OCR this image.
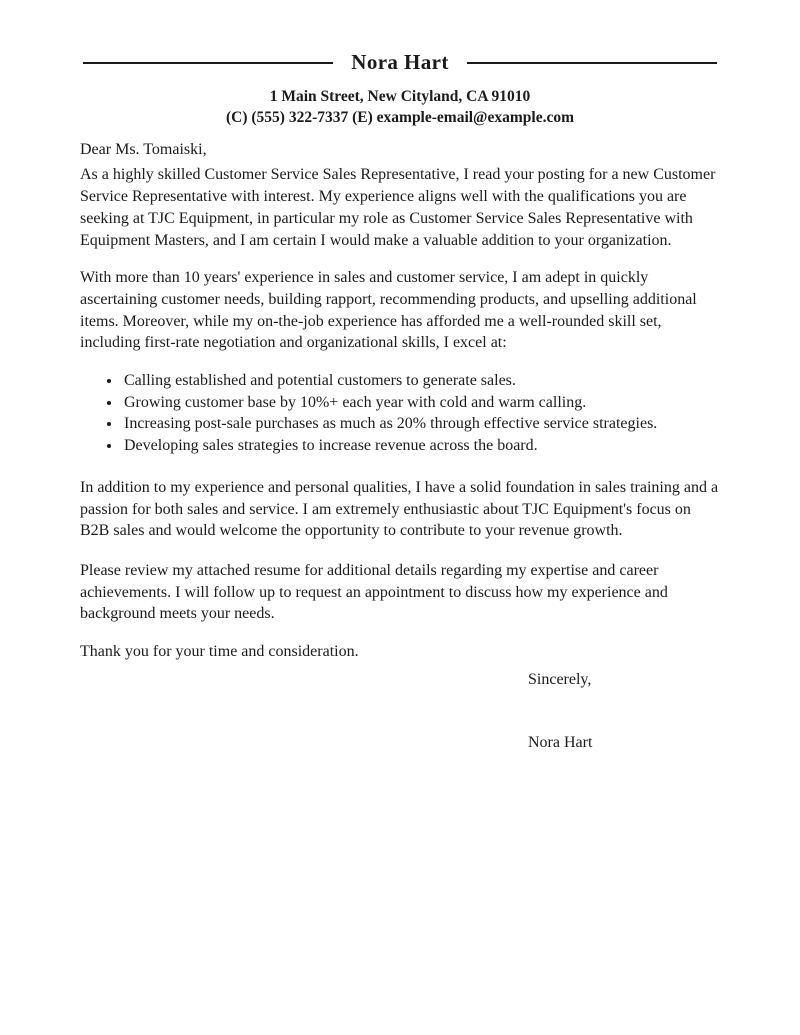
Nora Hart

1 Main Street, New Cityland, CA 91010

(C) (555) 322-7337 (E) example-email@example.com

Dear Ms. Tomaiski,

As a highly skilled Customer Service Sales Representative, I read your posting for a new Customer Service Representative with interest. My experience aligns well with the qualifications you are seeking at TJC Equipment, in particular my role as Customer Service Sales Representative with Equipment Masters, and I am certain I would make a valuable addition to your organization.

With more than 10 years' experience in sales and customer service, I am adept in quickly ascertaining customer needs, building rapport, recommending products, and upselling additional items. Moreover, while my on-the-job experience has afforded me a well-rounded skill set, including first-rate negotiation and organizational skills, I excel at:

• Calling established and potential customers to generate sales.
• Growing customer base by 10%+ each year with cold and warm calling.
• Increasing post-sale purchases as much as 20% through effective service strategies.
• Developing sales strategies to increase revenue across the board.

In addition to my experience and personal qualities, I have a solid foundation in sales training and a passion for both sales and service. I am extremely enthusiastic about TJC Equipment's focus on B2B sales and would welcome the opportunity to contribute to your revenue growth.

Please review my attached resume for additional details regarding my expertise and career achievements. I will follow up to request an appointment to discuss how my experience and background meets your needs.

Thank you for your time and consideration.

Sincerely,

Nora Hart
